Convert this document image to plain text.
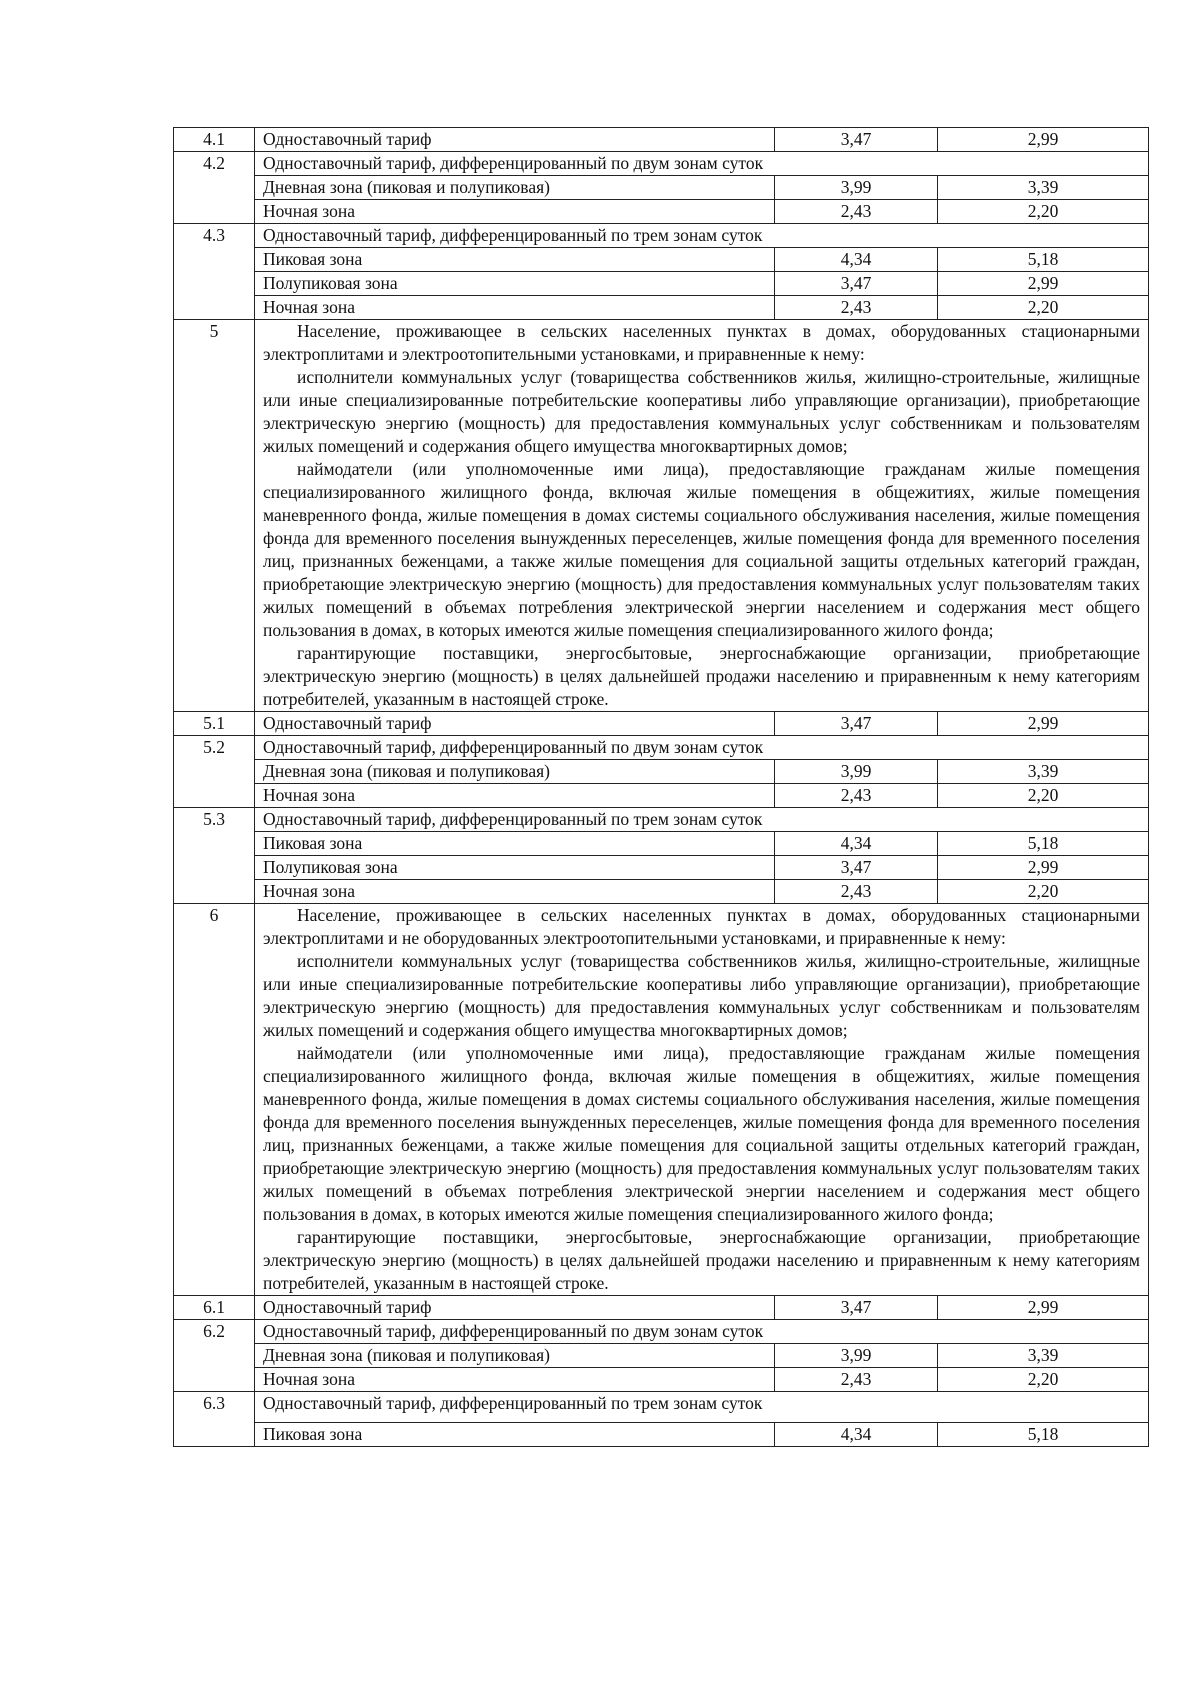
4.1	Одноставочный тариф	3,47	2,99
4.2	Одноставочный тариф, дифференцированный по двум зонам суток		
	Дневная зона (пиковая и полупиковая)	3,99	3,39
	Ночная зона	2,43	2,20
4.3	Одноставочный тариф, дифференцированный по трем зонам суток		
	Пиковая зона	4,34	5,18
	Полупиковая зона	3,47	2,99
	Ночная зона	2,43	2,20
5	Население, проживающее в сельских населенных пунктах в домах, оборудованных стационарными электроплитами и электроотопительными установками, и приравненные к нему:

исполнители коммунальных услуг (товарищества собственников жилья, жилищно-строительные, жилищные или иные специализированные потребительские кооперативы либо управляющие организации), приобретающие электрическую энергию (мощность) для предоставления коммунальных услуг собственникам и пользователям жилых помещений и содержания общего имущества многоквартирных домов;

наймодатели (или уполномоченные ими лица), предоставляющие гражданам жилые помещения специализированного жилищного фонда, включая жилые помещения в общежитиях, жилые помещения маневренного фонда, жилые помещения в домах системы социального обслуживания населения, жилые помещения фонда для временного поселения вынужденных переселенцев, жилые помещения фонда для временного поселения лиц, признанных беженцами, а также жилые помещения для социальной защиты отдельных категорий граждан, приобретающие электрическую энергию (мощность) для предоставления коммунальных услуг пользователям таких жилых помещений в объемах потребления электрической энергии населением и содержания мест общего пользования в домах, в которых имеются жилые помещения специализированного жилого фонда;

гарантирующие поставщики, энергосбытовые, энергоснабжающие организации, приобретающие электрическую энергию (мощность) в целях дальнейшей продажи населению и приравненным к нему категориям потребителей, указанным в настоящей строке.		

5.1	Одноставочный тариф	3,47	2,99
5.2	Одноставочный тариф, дифференцированный по двум зонам суток		
	Дневная зона (пиковая и полупиковая)	3,99	3,39
	Ночная зона	2,43	2,20
5.3	Одноставочный тариф, дифференцированный по трем зонам суток		
	Пиковая зона	4,34	5,18
	Полупиковая зона	3,47	2,99
	Ночная зона	2,43	2,20
6	Население, проживающее в сельских населенных пунктах в домах, оборудованных стационарными электроплитами и не оборудованных электроотопительными установками, и приравненные к нему:

исполнители коммунальных услуг (товарищества собственников жилья, жилищно-строительные, жилищные или иные специализированные потребительские кооперативы либо управляющие организации), приобретающие электрическую энергию (мощность) для предоставления коммунальных услуг собственникам и пользователям жилых помещений и содержания общего имущества многоквартирных домов;

наймодатели (или уполномоченные ими лица), предоставляющие гражданам жилые помещения специализированного жилищного фонда, включая жилые помещения в общежитиях, жилые помещения маневренного фонда, жилые помещения в домах системы социального обслуживания населения, жилые помещения фонда для временного поселения вынужденных переселенцев, жилые помещения фонда для временного поселения лиц, признанных беженцами, а также жилые помещения для социальной защиты отдельных категорий граждан, приобретающие электрическую энергию (мощность) для предоставления коммунальных услуг пользователям таких жилых помещений в объемах потребления электрической энергии населением и содержания мест общего пользования в домах, в которых имеются жилые помещения специализированного жилого фонда;

гарантирующие поставщики, энергосбытовые, энергоснабжающие организации, приобретающие электрическую энергию (мощность) в целях дальнейшей продажи населению и приравненным к нему категориям потребителей, указанным в настоящей строке.		

6.1	Одноставочный тариф	3,47	2,99
6.2	Одноставочный тариф, дифференцированный по двум зонам суток		
	Дневная зона (пиковая и полупиковая)	3,99	3,39
	Ночная зона	2,43	2,20
6.3	Одноставочный тариф, дифференцированный по трем зонам суток		
	Пиковая зона	4,34	5,18
